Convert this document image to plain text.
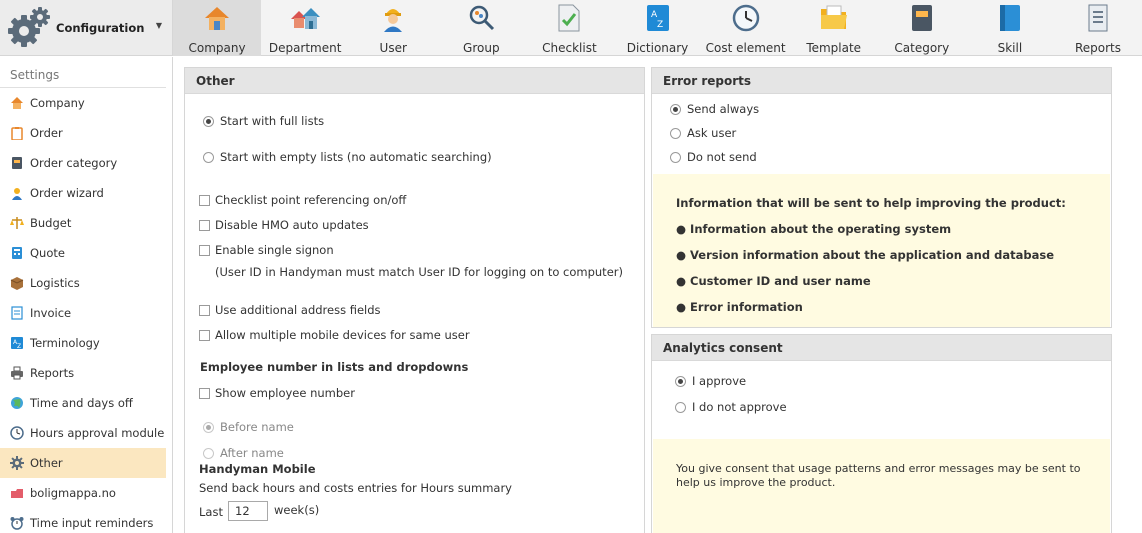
Configuration ▼
Company Department	User	Group	Checklist
A
Z
Dictionary Cost element Template	Category	Skill	Reports
Settings
Company
Order
Order category
Order wizard
Budget
Quote
Logistics
Invoice
A
Z Terminology
Reports
Time and days off
Hours approval module
Other
boligmappa.no
Time input reminders
Other
Start with full lists
Start with empty lists (no automatic searching)
Checklist point referencing on/off
Disable HMO auto updates
Enable single signon
(User ID in Handyman must match User ID for logging on to computer)
Use additional address fields
Allow multiple mobile devices for same user
Employee number in lists and dropdowns
Show employee number
Before name
After name
Handyman Mobile
Send back hours and costs entries for Hours summary
Last	12	week(s)
Error reports
Send always
Ask user
Do not send
Information that will be sent to help improving the product:
● Information about the operating system
● Version information about the application and database
● Customer ID and user name
● Error information
Analytics consent
I approve
I do not approve
You give consent that usage patterns and error messages may be sent to help us improve the product.
